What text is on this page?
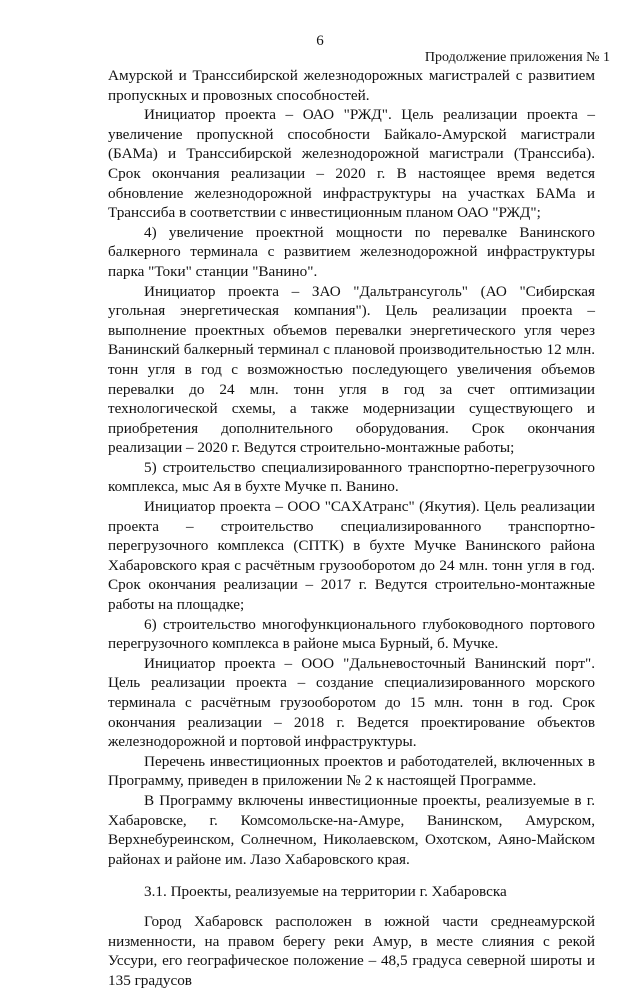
6
Продолжение приложения № 1

Амурской и Транссибирской железнодорожных магистралей с развитием пропускных и провозных способностей.

Инициатор проекта – ОАО "РЖД". Цель реализации проекта – увеличение пропускной способности Байкало-Амурской магистрали (БАМа) и Транссибирской железнодорожной магистрали (Транссиба). Срок окончания реализации – 2020 г. В настоящее время ведется обновление железнодорожной инфраструктуры на участках БАМа и Транссиба в соответствии с инвестиционным планом ОАО "РЖД";

4) увеличение проектной мощности по перевалке Ванинского балкерного терминала с развитием железнодорожной инфраструктуры парка "Токи" станции "Ванино".

Инициатор проекта – ЗАО "Дальтрансуголь" (АО "Сибирская угольная энергетическая компания"). Цель реализации проекта – выполнение проектных объемов перевалки энергетического угля через Ванинский балкерный терминал с плановой производительностью 12 млн. тонн угля в год с возможностью последующего увеличения объемов перевалки до 24 млн. тонн угля в год за счет оптимизации технологической схемы, а также модернизации существующего и приобретения дополнительного оборудования. Срок окончания реализации – 2020 г. Ведутся строительно-монтажные работы;

5) строительство специализированного транспортно-перегрузочного комплекса, мыс Ая в бухте Мучке п. Ванино.

Инициатор проекта – ООО "САХАтранс" (Якутия). Цель реализации проекта – строительство специализированного транспортно-перегрузочного комплекса (СПТК) в бухте Мучке Ванинского района Хабаровского края с расчётным грузооборотом до 24 млн. тонн угля в год. Срок окончания реализации – 2017 г. Ведутся строительно-монтажные работы на площадке;

6) строительство многофункционального глубоководного портового перегрузочного комплекса в районе мыса Бурный, б. Мучке.

Инициатор проекта – ООО "Дальневосточный Ванинский порт". Цель реализации проекта – создание специализированного морского терминала с расчётным грузооборотом до 15 млн. тонн в год. Срок окончания реализации – 2018 г. Ведется проектирование объектов железнодорожной и портовой инфраструктуры.

Перечень инвестиционных проектов и работодателей, включенных в Программу, приведен в приложении № 2 к настоящей Программе.

В Программу включены инвестиционные проекты, реализуемые в г. Хабаровске, г. Комсомольске-на-Амуре, Ванинском, Амурском, Верхнебуреинском, Солнечном, Николаевском, Охотском, Аяно-Майском районах и районе им. Лазо Хабаровского края.

3.1. Проекты, реализуемые на территории г. Хабаровска

Город Хабаровск расположен в южной части среднеамурской низменности, на правом берегу реки Амур, в месте слияния с рекой Уссури, его географическое положение – 48,5 градуса северной широты и 135 градусов
